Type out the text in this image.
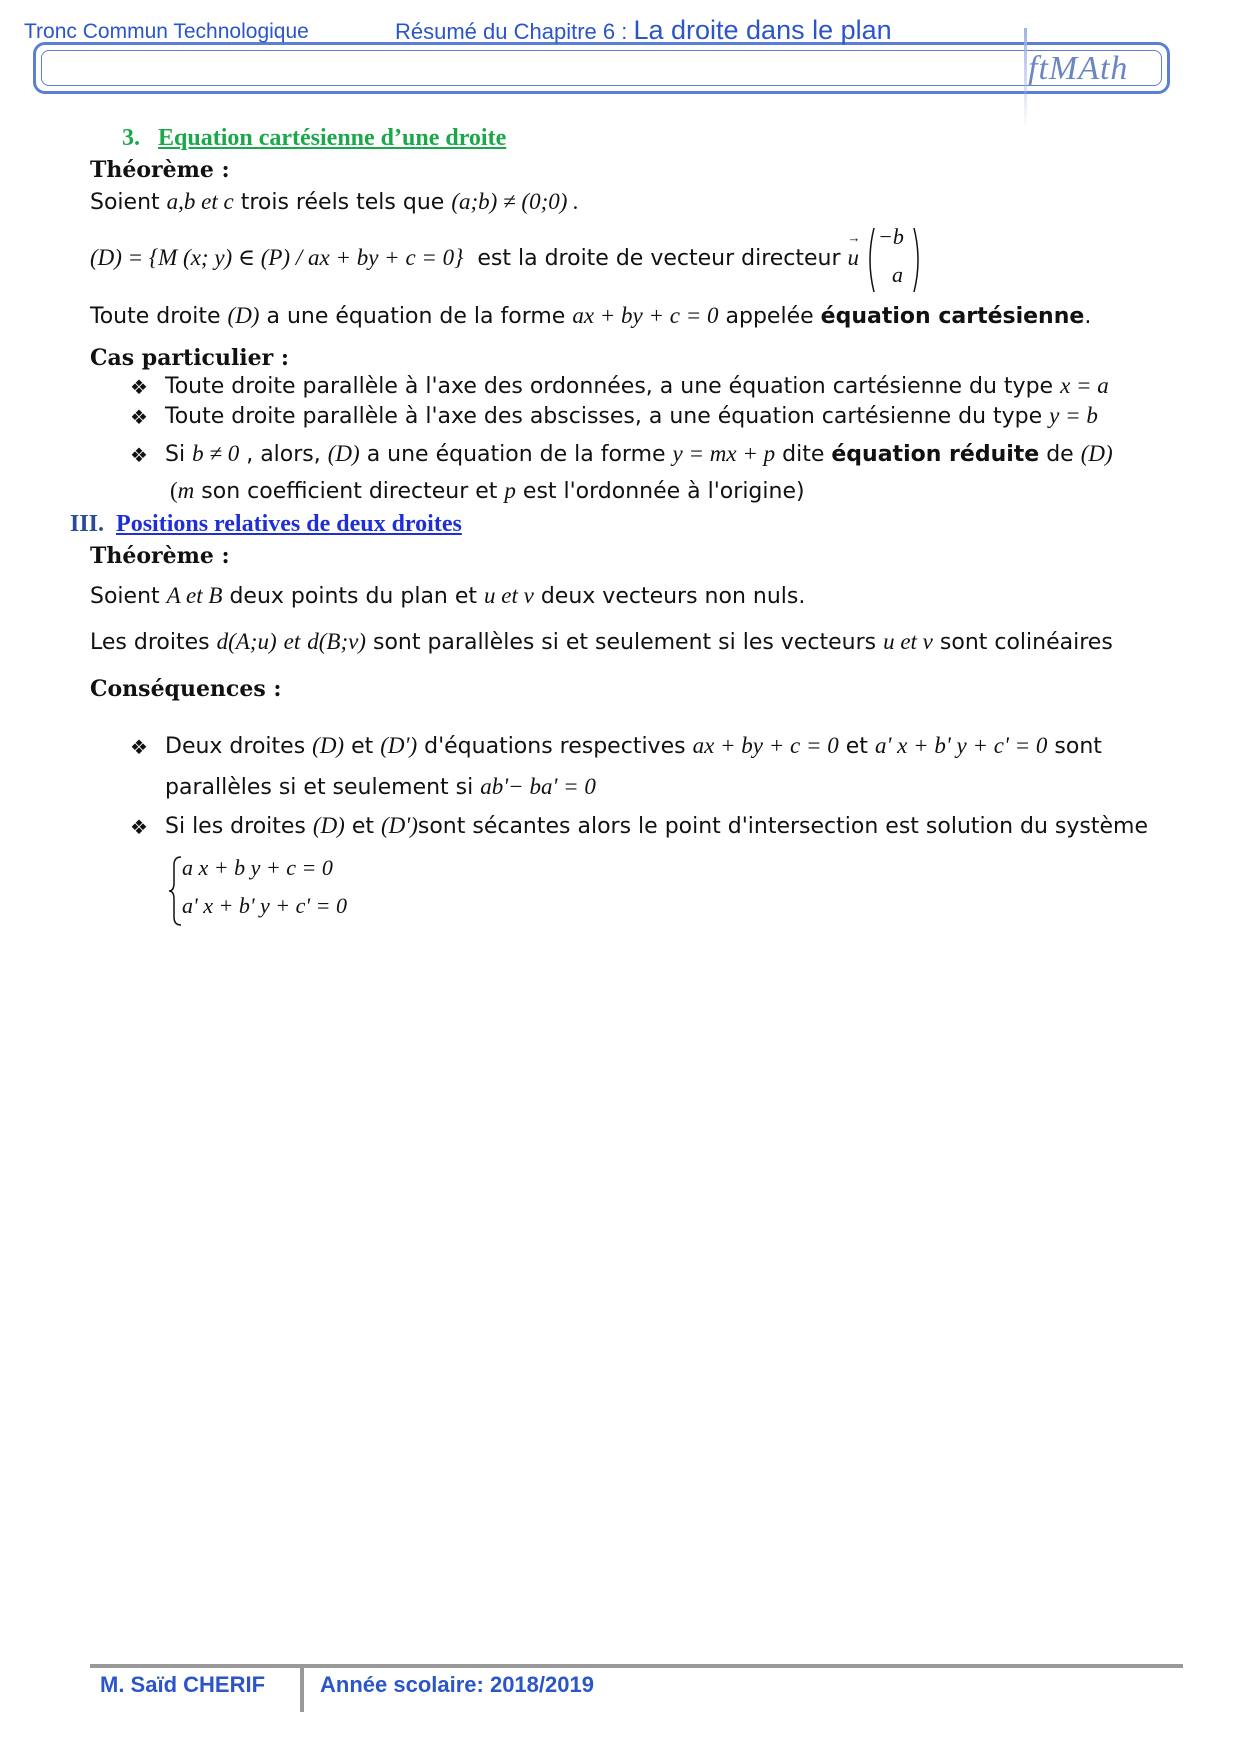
Tronc Commun Technologique	Résumé du Chapitre 6 : La droite dans le plan
ftMAth
3. Equation cartésienne d’une droite
Théorème :
Soient a,b et c trois réels tels que (a;b) ≠ (0;0) .
(D) = {M (x; y) ∈ (P) / ax + by + c = 0} est la droite de vecteur directeur → u
−b
a
Toute droite (D) a une équation de la forme ax + by + c = 0 appelée équation cartésienne.
Cas particulier :
❖ Toute droite parallèle à l'axe des ordonnées, a une équation cartésienne du type x = a
❖ Toute droite parallèle à l'axe des abscisses, a une équation cartésienne du type y = b
❖ Si b ≠ 0 , alors, (D) a une équation de la forme y = mx + p dite équation réduite de (D)
(m son coefficient directeur et p est l'ordonnée à l'origine)
III. Positions relatives de deux droites
Théorème :
Soient A et B deux points du plan et u et v deux vecteurs non nuls.
Les droites d(A;u) et d(B;v) sont parallèles si et seulement si les vecteurs u et v sont colinéaires
Conséquences :
❖ Deux droites (D) et (D') d'équations respectives ax + by + c = 0 et a' x + b' y + c' = 0 sont
parallèles si et seulement si ab'− ba' = 0
❖ Si les droites (D) et (D')sont sécantes alors le point d'intersection est solution du système
a x + b y + c = 0
a' x + b' y + c' = 0
M. Saïd CHERIF Année scolaire: 2018/2019
